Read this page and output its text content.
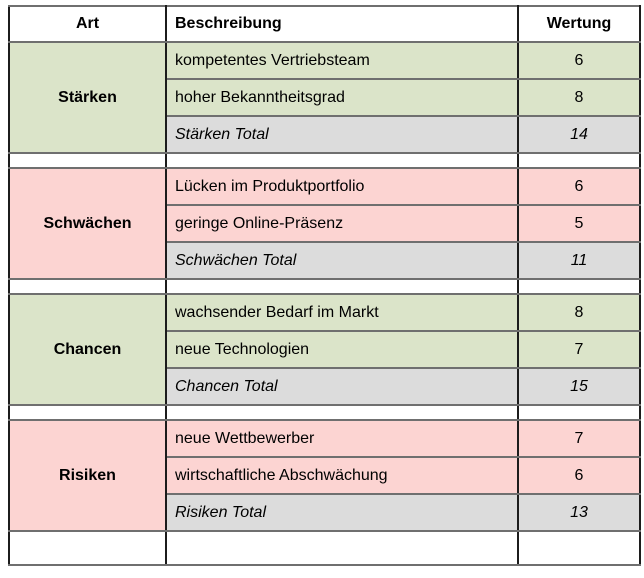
Art	Beschreibung	Wertung
Stärken	kompetentes Vertriebsteam	6
	hoher Bekanntheitsgrad	8
	Stärken Total	14

Schwächen	Lücken im Produktportfolio	6
	geringe Online-Präsenz	5
	Schwächen Total	11

Chancen	wachsender Bedarf im Markt	8
	neue Technologien	7
	Chancen Total	15

Risiken	neue Wettbewerber	7
	wirtschaftliche Abschwächung	6
	Risiken Total	13
